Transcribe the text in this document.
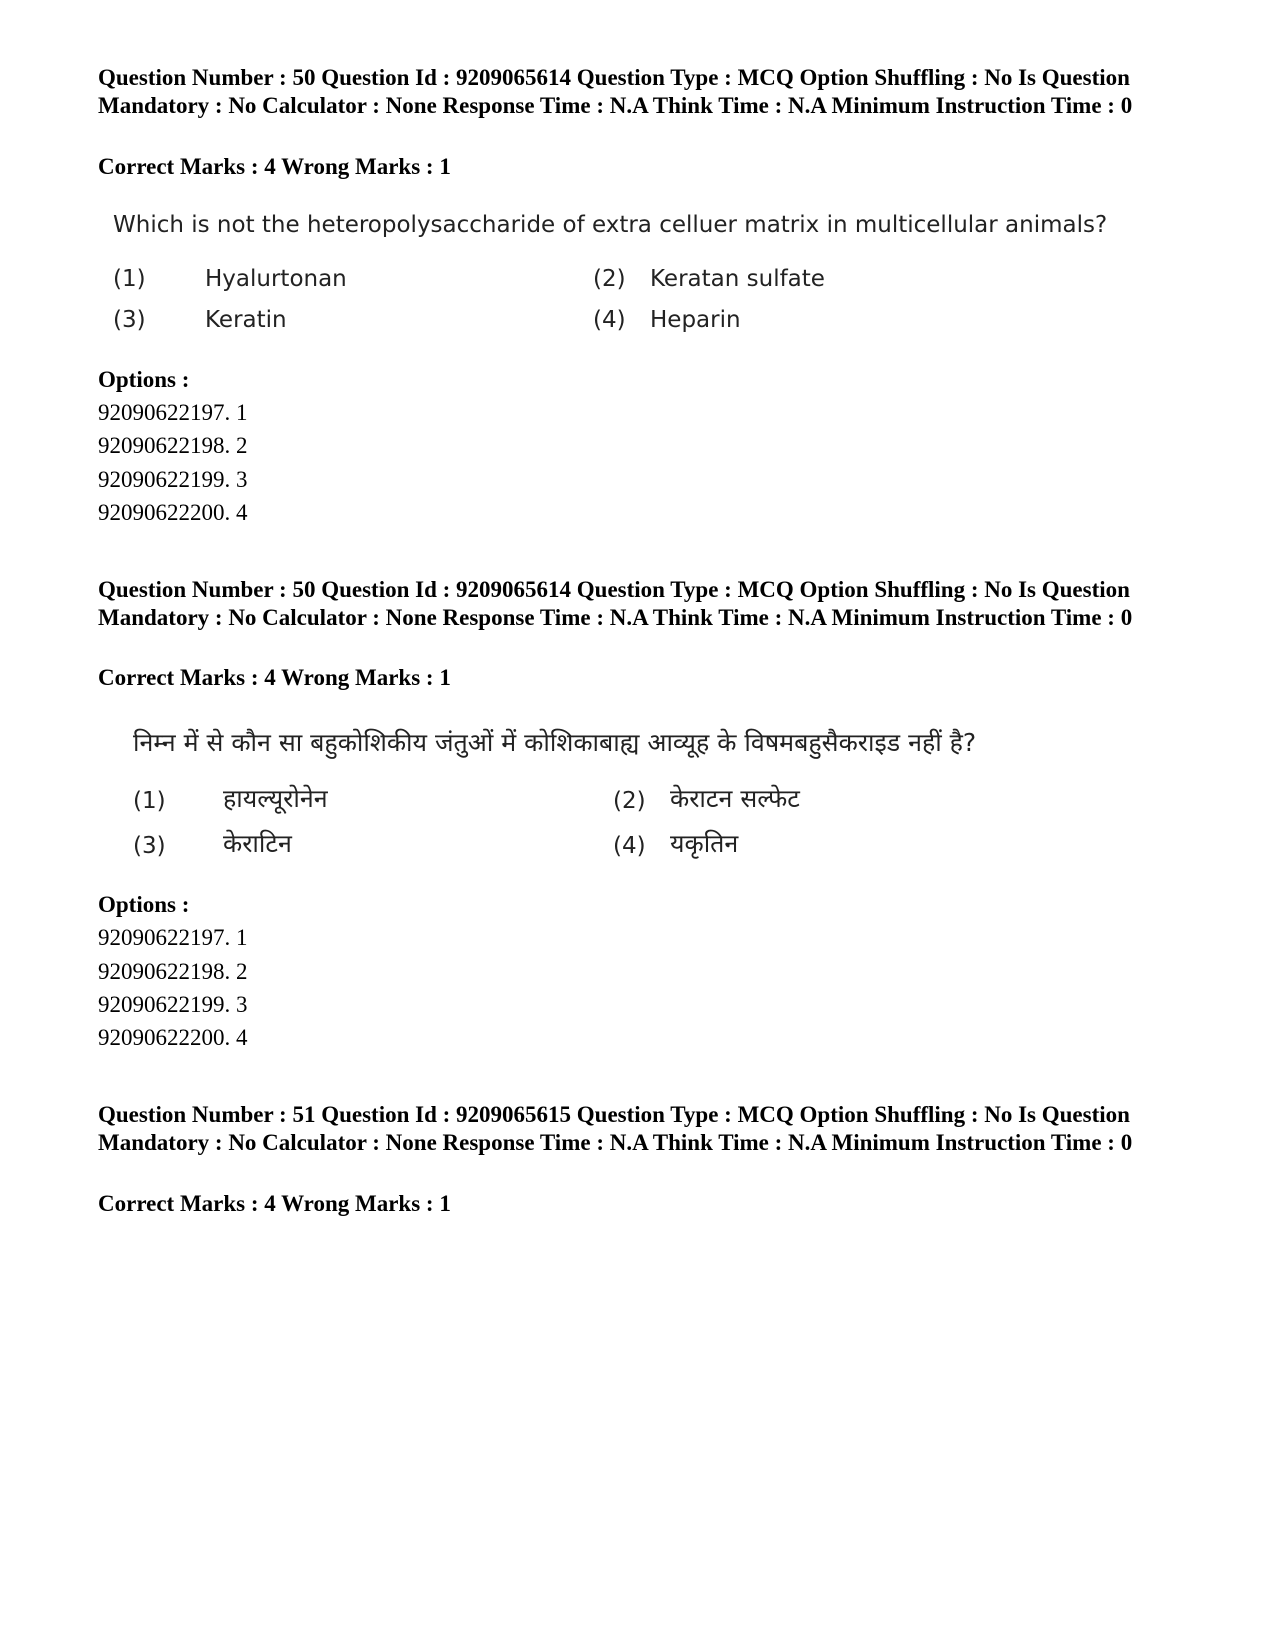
Question Number : 50 Question Id : 9209065614 Question Type : MCQ Option Shuffling : No Is Question Mandatory : No Calculator : None Response Time : N.A Think Time : N.A Minimum Instruction Time : 0
Correct Marks : 4 Wrong Marks : 1
Which is not the heteropolysaccharide of extra celluer matrix in multicellular animals?
(1)	Hyalurtonan	(2) Keratan sulfate
(3)	Keratin	(4) Heparin
Options :
92090622197. 1
92090622198. 2
92090622199. 3
92090622200. 4
Question Number : 50 Question Id : 9209065614 Question Type : MCQ Option Shuffling : No Is Question Mandatory : No Calculator : None Response Time : N.A Think Time : N.A Minimum Instruction Time : 0
Correct Marks : 4 Wrong Marks : 1
निम्न में से कौन सा बहुकोशिकीय जंतुओं में कोशिकाबाह्य आव्यूह के विषमबहुसैकराइड नहीं है?
(1) हायल्यूरोनेन	(2) केराटन सल्फेट
(3) केराटिन	(4) यकृतिन
Options :
92090622197. 1
92090622198. 2
92090622199. 3
92090622200. 4
Question Number : 51 Question Id : 9209065615 Question Type : MCQ Option Shuffling : No Is Question Mandatory : No Calculator : None Response Time : N.A Think Time : N.A Minimum Instruction Time : 0
Correct Marks : 4 Wrong Marks : 1
